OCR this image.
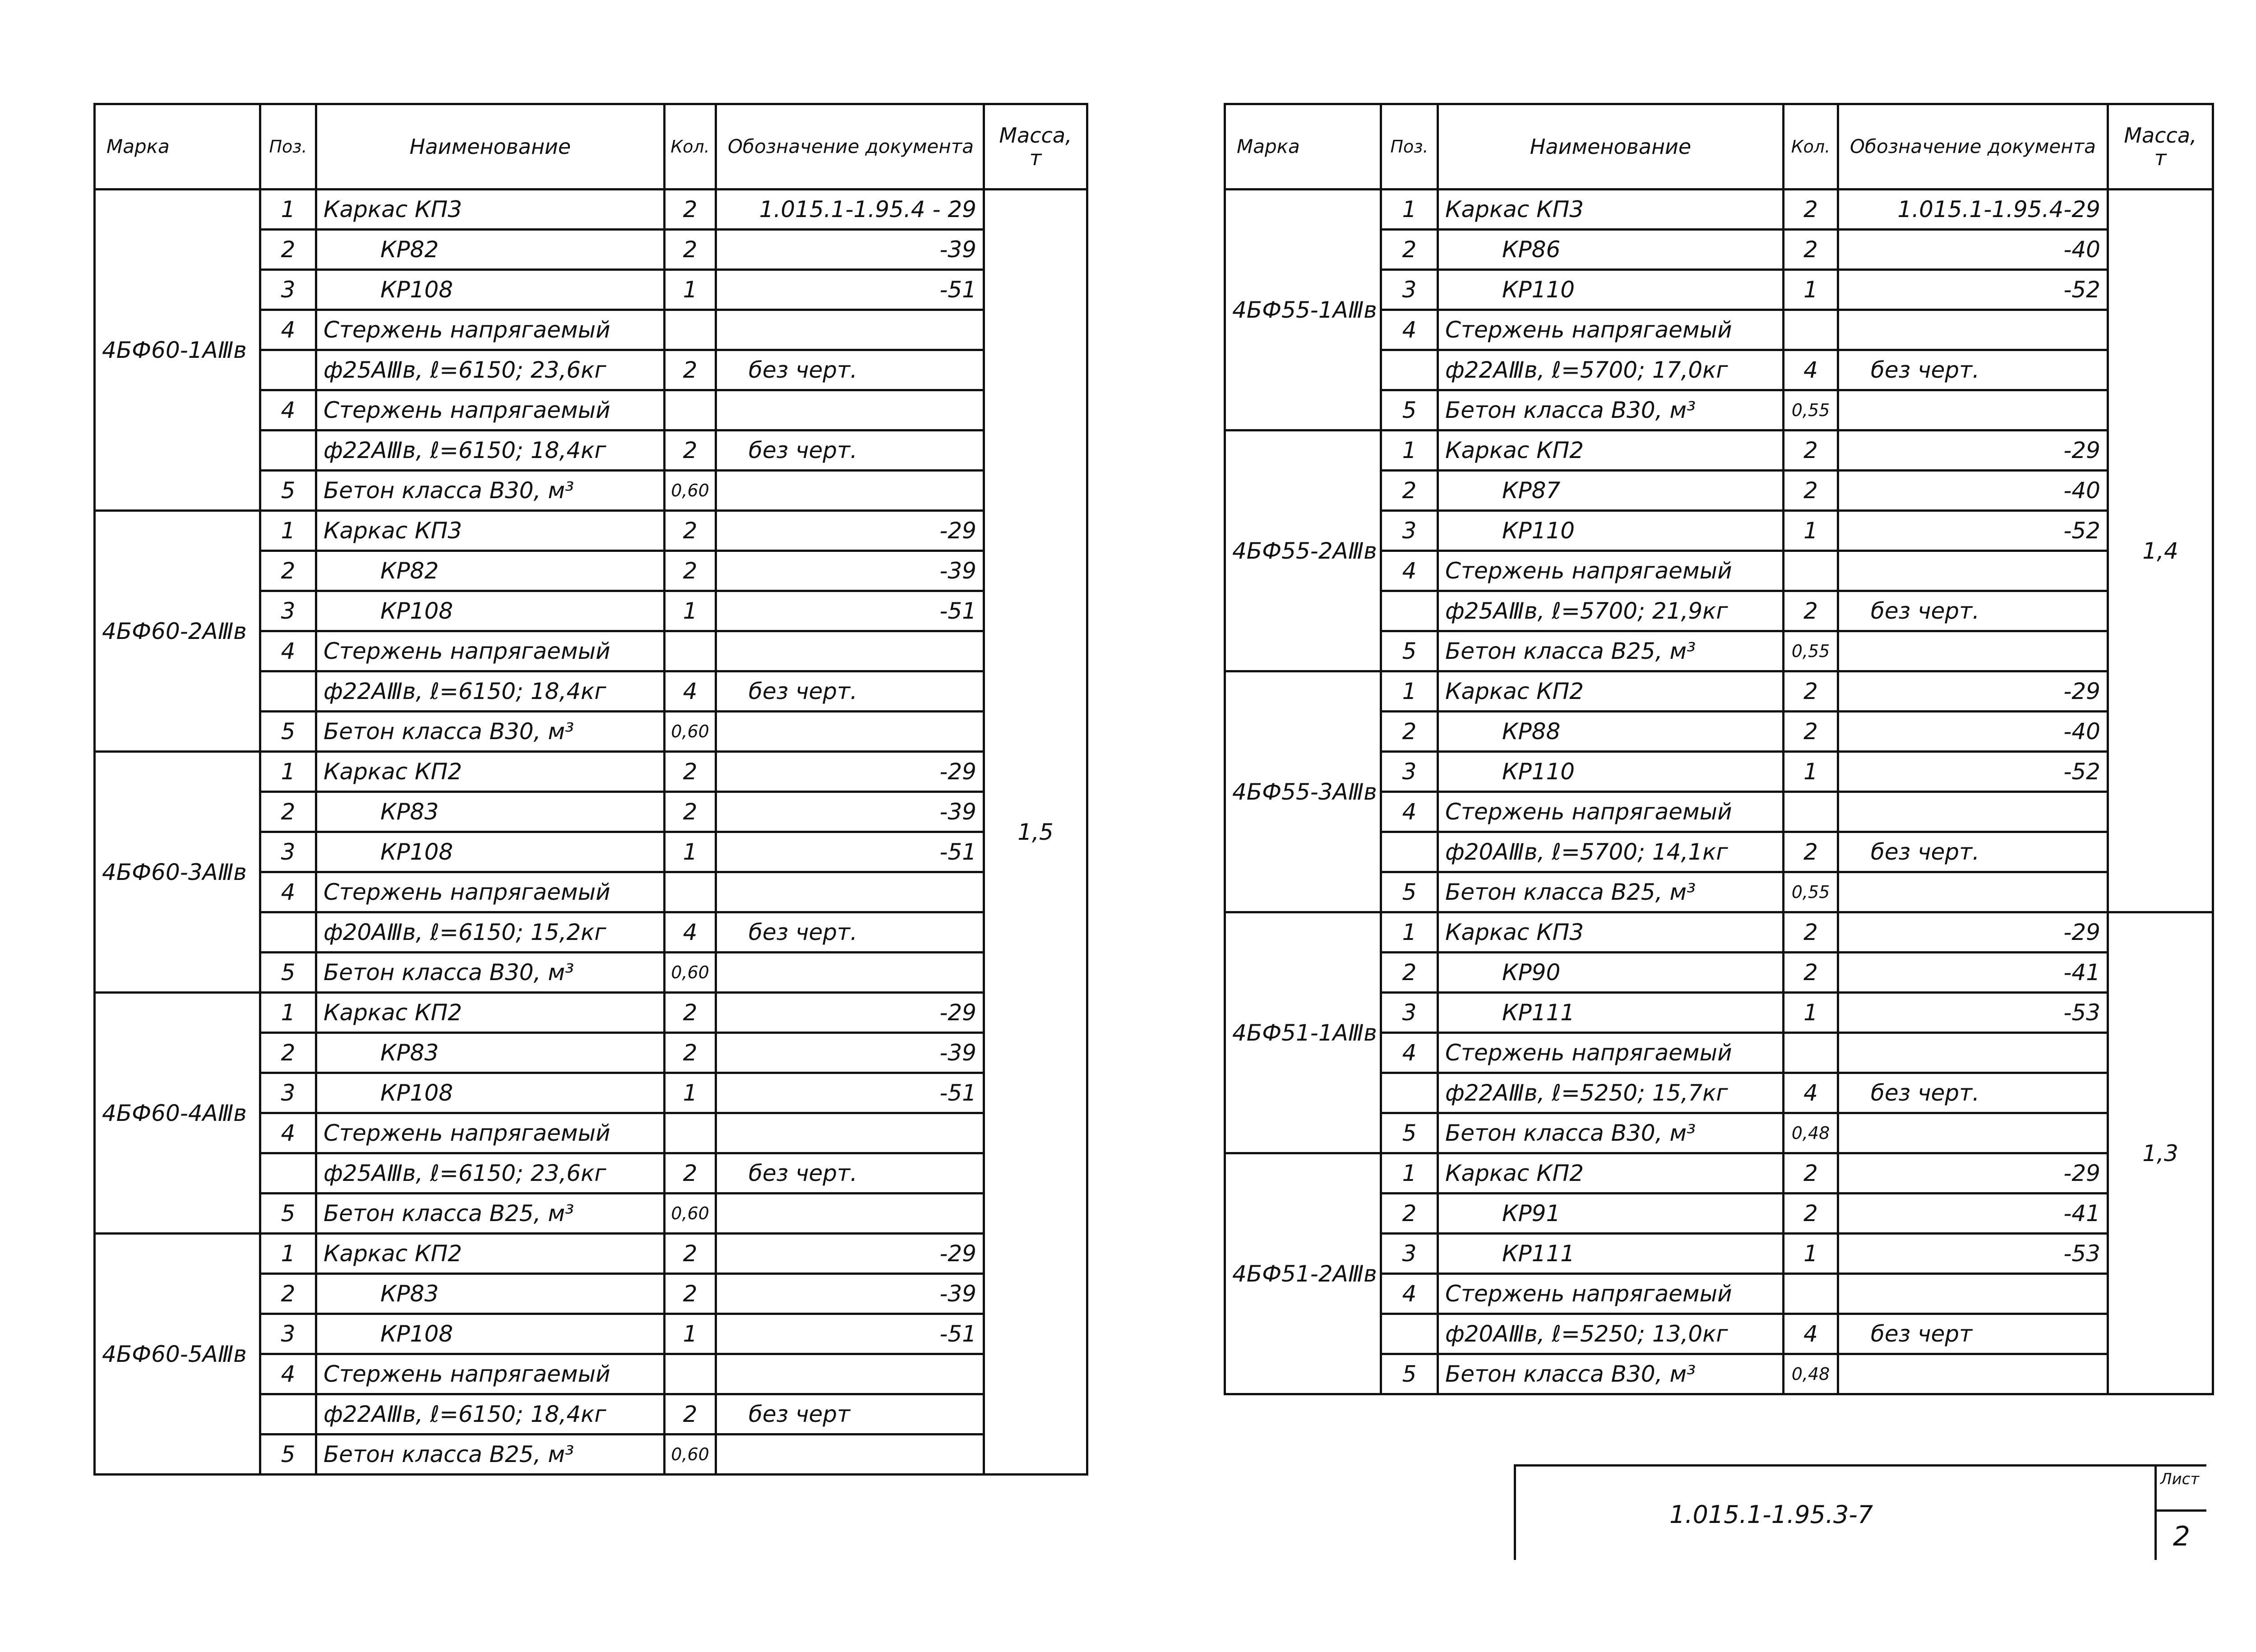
Марка	Поз.	Наименование	Кол.	Обозначение документа	Масса, т
4БФ60-1АⅢв	1	Каркас КП3	2	1.015.1-1.95.4 - 29	1,5
	2	КР82	2	-39	
	3	КР108	1	-51	
	4	Стержень напрягаемый			
		ф25АⅢв, ℓ=6150; 23,6кг	2	без черт.	
	4	Стержень напрягаемый			
		ф22АⅢв, ℓ=6150; 18,4кг	2	без черт.	
	5	Бетон класса В30, м³	0,60		
4БФ60-2АⅢв	1	Каркас КП3	2	-29	
	2	КР82	2	-39	
	3	КР108	1	-51	
	4	Стержень напрягаемый			
		ф22АⅢв, ℓ=6150; 18,4кг	4	без черт.	
	5	Бетон класса В30, м³	0,60		
4БФ60-3АⅢв	1	Каркас КП2	2	-29	
	2	КР83	2	-39	
	3	КР108	1	-51	
	4	Стержень напрягаемый			
		ф20АⅢв, ℓ=6150; 15,2кг	4	без черт.	
	5	Бетон класса В30, м³	0,60		
4БФ60-4АⅢв	1	Каркас КП2	2	-29	
	2	КР83	2	-39	
	3	КР108	1	-51	
	4	Стержень напрягаемый			
		ф25АⅢв, ℓ=6150; 23,6кг	2	без черт.	
	5	Бетон класса В25, м³	0,60		
4БФ60-5АⅢв	1	Каркас КП2	2	-29	
	2	КР83	2	-39	
	3	КР108	1	-51	
	4	Стержень напрягаемый			
		ф22АⅢв, ℓ=6150; 18,4кг	2	без черт	
	5	Бетон класса В25, м³	0,60		
Марка	Поз.	Наименование	Кол.	Обозначение документа	Масса, т
4БФ55-1АⅢв	1	Каркас КП3	2	1.015.1-1.95.4-29	1,4
	2	КР86	2	-40	
	3	КР110	1	-52	
	4	Стержень напрягаемый			
		ф22АⅢв, ℓ=5700; 17,0кг	4	без черт.	
	5	Бетон класса В30, м³	0,55		
4БФ55-2АⅢв	1	Каркас КП2	2	-29	
	2	КР87	2	-40	
	3	КР110	1	-52	
	4	Стержень напрягаемый			
		ф25АⅢв, ℓ=5700; 21,9кг	2	без черт.	
	5	Бетон класса В25, м³	0,55		
4БФ55-3АⅢв	1	Каркас КП2	2	-29	
	2	КР88	2	-40	
	3	КР110	1	-52	
	4	Стержень напрягаемый			
		ф20АⅢв, ℓ=5700; 14,1кг	2	без черт.	
	5	Бетон класса В25, м³	0,55		
4БФ51-1АⅢв	1	Каркас КП3	2	-29	1,3
	2	КР90	2	-41	
	3	КР111	1	-53	
	4	Стержень напрягаемый			
		ф22АⅢв, ℓ=5250; 15,7кг	4	без черт.	
	5	Бетон класса В30, м³	0,48		
4БФ51-2АⅢв	1	Каркас КП2	2	-29	
	2	КР91	2	-41	
	3	КР111	1	-53	
	4	Стержень напрягаемый			
		ф20АⅢв, ℓ=5250; 13,0кг	4	без черт	
	5	Бетон класса В30, м³	0,48		
1.015.1-1.95.3-7
Лист
2
